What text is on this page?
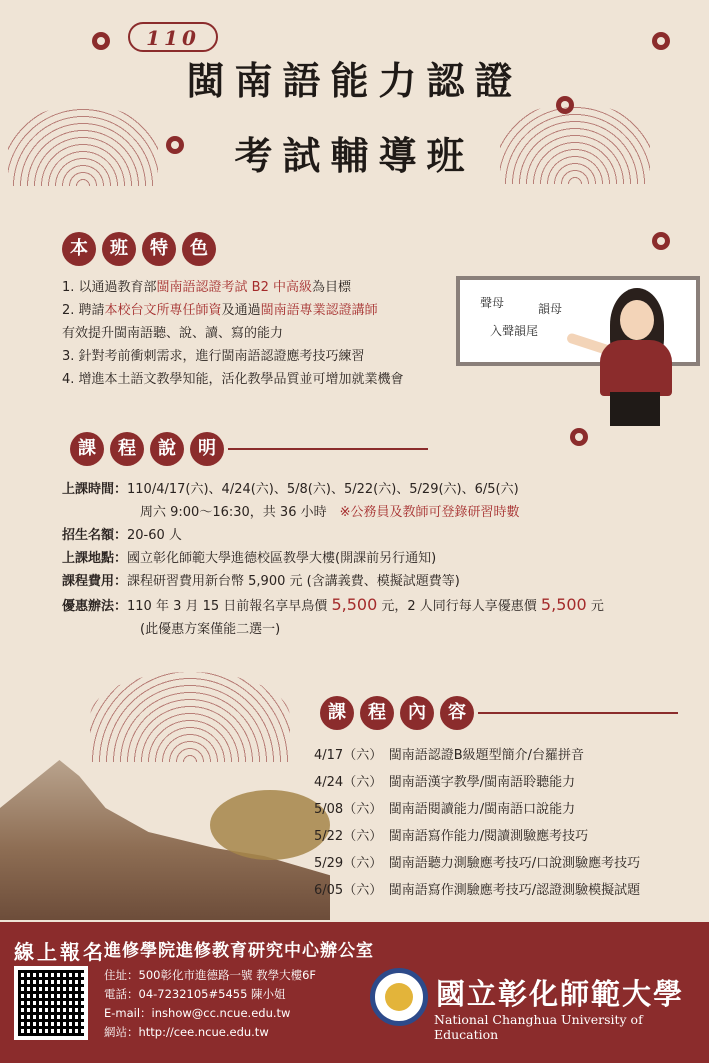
110
閩南語能力認證
考試輔導班
本	班	特	色
1. 以通過教育部閩南語認證考試 B2 中高級為目標
2. 聘請本校台文所專任師資及通過閩南語專業認證講師
有效提升閩南語聽、說、讀、寫的能力
3. 針對考前衝刺需求，進行閩南語認證應考技巧練習
4. 增進本土語文教學知能，活化教學品質並可增加就業機會
聲母	韻母
入聲韻尾
課	程	說	明
上課時間：110/4/17(六)、4/24(六)、5/8(六)、5/22(六)、5/29(六)、6/5(六)
周六 9:00～16:30，共 36 小時　 ※公務員及教師可登錄研習時數
招生名額：20-60 人
上課地點：國立彰化師範大學進德校區教學大樓(開課前另行通知)
課程費用：課程研習費用新台幣 5,900 元 (含講義費、模擬試題費等)
優惠辦法：110 年 3 月 15 日前報名享早鳥價 5,500 元，2 人同行每人享優惠價 5,500 元
(此優惠方案僅能二選一)
課	程	內	容
4/17（六）　 閩南語認證B級題型簡介/台羅拼音
4/24（六）　 閩南語漢字教學/閩南語聆聽能力
5/08（六）　 閩南語閱讀能力/閩南語口說能力
5/22（六）　 閩南語寫作能力/閱讀測驗應考技巧
5/29（六）　 閩南語聽力測驗應考技巧/口說測驗應考技巧
6/05（六）　 閩南語寫作測驗應考技巧/認證測驗模擬試題
線上報名
進修學院進修教育研究中心辦公室
住址：500彰化市進德路一號 教學大樓6F
電話：04-7232105#5455 陳小姐
E-mail：inshow@cc.ncue.edu.tw
網站：http://cee.ncue.edu.tw
國立彰化師範大學
National Changhua University of Education
